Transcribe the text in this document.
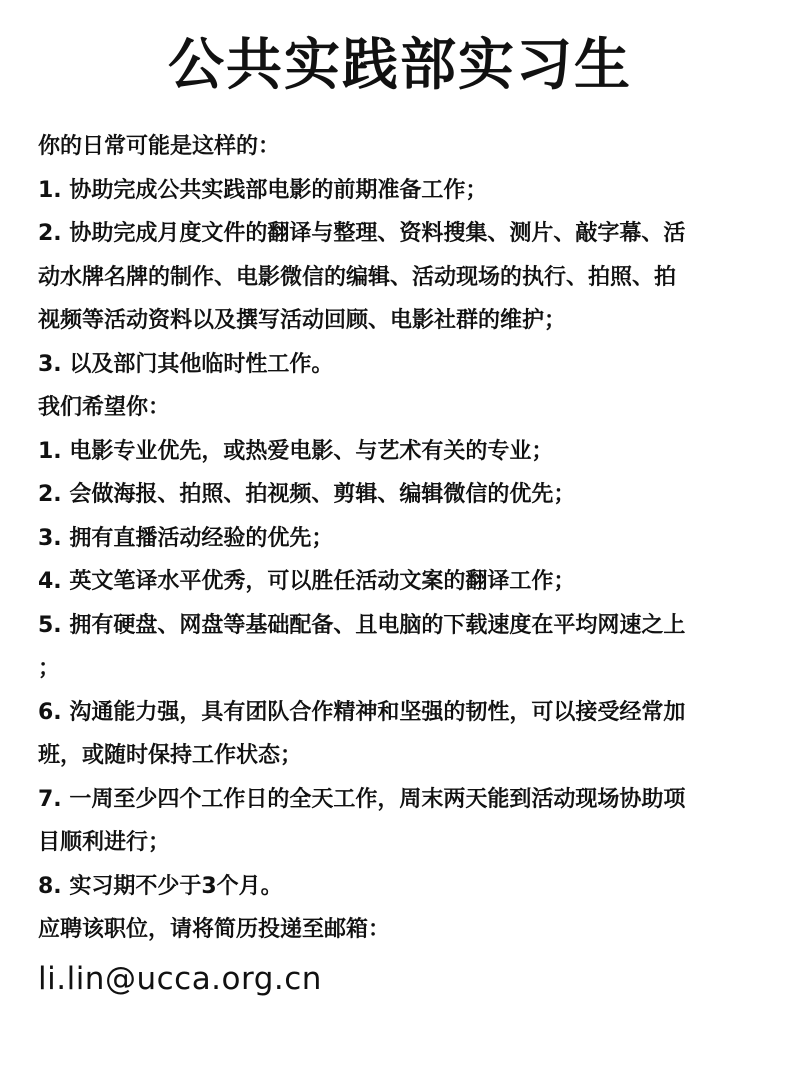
公共实践部实习生
你的日常可能是这样的：
1. 协助完成公共实践部电影的前期准备工作；
2. 协助完成月度文件的翻译与整理、资料搜集、测片、敲字幕、活
动水牌名牌的制作、电影微信的编辑、活动现场的执行、拍照、拍
视频等活动资料以及撰写活动回顾、电影社群的维护；
3. 以及部门其他临时性工作。
我们希望你：
1. 电影专业优先，或热爱电影、与艺术有关的专业；
2. 会做海报、拍照、拍视频、剪辑、编辑微信的优先；
3. 拥有直播活动经验的优先；
4. 英文笔译水平优秀，可以胜任活动文案的翻译工作；
5. 拥有硬盘、网盘等基础配备、且电脑的下载速度在平均网速之上
；
6. 沟通能力强，具有团队合作精神和坚强的韧性，可以接受经常加
班，或随时保持工作状态；
7. 一周至少四个工作日的全天工作，周末两天能到活动现场协助项
目顺利进行；
8. 实习期不少于3个月。
应聘该职位，请将简历投递至邮箱：
li.lin@ucca.org.cn
